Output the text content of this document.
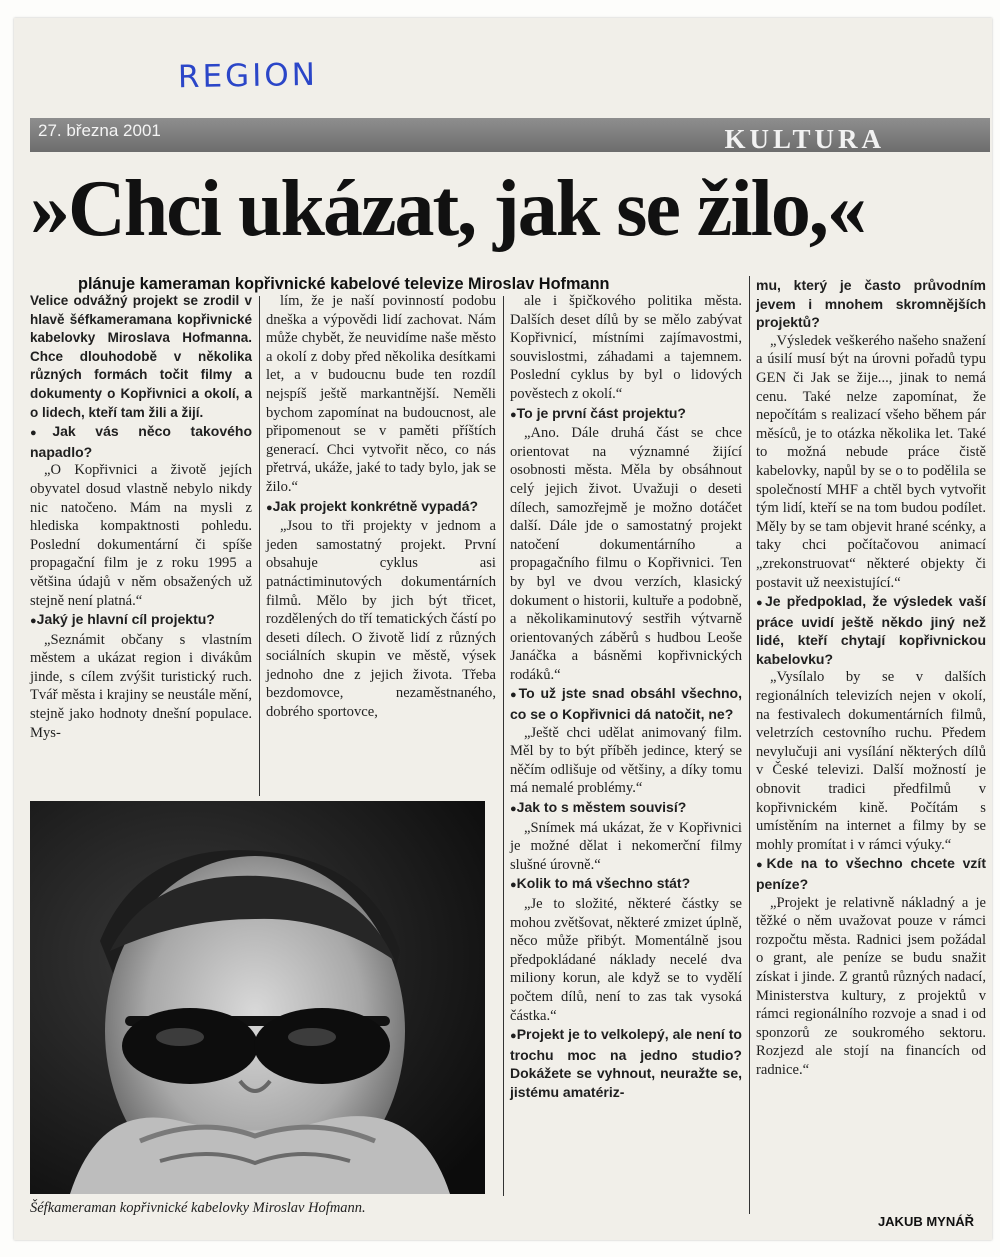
REGION
27. března 2001	KULTURA
»Chci ukázat, jak se žilo,«
plánuje kameraman kopřivnické kabelové televize Miroslav Hofmann

Velice odvážný projekt se zrodil v hlavě šéfkameramana kopřivnické kabelovky Miroslava Hofmanna. Chce dlouhodobě v několika různých formách točit filmy a dokumenty o Kopřivnici a okolí, a o lidech, kteří tam žili a žijí.

● Jak vás něco takového napadlo?

„O Kopřivnici a životě jejích obyvatel dosud vlastně nebylo nikdy nic natočeno. Mám na mysli z hlediska kompaktnosti pohledu. Poslední dokumentární či spíše propagační film je z roku 1995 a většina údajů v něm obsažených už stejně není platná.“

● Jaký je hlavní cíl projektu?

„Seznámit občany s vlastním městem a ukázat region i divákům jinde, s cílem zvýšit turistický ruch. Tvář města i krajiny se neustále mění, stejně jako hodnoty dnešní populace. Mys-

lím, že je naší povinností podobu dneška a výpovědi lidí zachovat. Nám může chybět, že neuvidíme naše město a okolí z doby před několika desítkami let, a v budoucnu bude ten rozdíl nejspíš ještě markantnější. Neměli bychom zapomínat na budoucnost, ale připomenout se v paměti příštích generací. Chci vytvořit něco, co nás přetrvá, ukáže, jaké to tady bylo, jak se žilo.“

● Jak projekt konkrétně vypadá?

„Jsou to tři projekty v jednom a jeden samostatný projekt. První obsahuje cyklus asi patnáctiminutových dokumentárních filmů. Mělo by jich být třicet, rozdělených do tří tematických částí po deseti dílech. O životě lidí z různých sociálních skupin ve městě, výsek jednoho dne z jejich života. Třeba bezdomovce, nezaměstnaného, dobrého sportovce,

ale i špičkového politika města. Dalších deset dílů by se mělo zabývat Kopřivnicí, místními zajímavostmi, souvislostmi, záhadami a tajemnem. Poslední cyklus by byl o lidových pověstech z okolí.“

● To je první část projektu?

„Ano. Dále druhá část se chce orientovat na významné žijící osobnosti města. Měla by obsáhnout celý jejich život. Uvažuji o deseti dílech, samozřejmě je možno dotáčet další. Dále jde o samostatný projekt natočení dokumentárního a propagačního filmu o Kopřivnici. Ten by byl ve dvou verzích, klasický dokument o historii, kultuře a podobně, a několikaminutový sestřih výtvarně orientovaných záběrů s hudbou Leoše Janáčka a básněmi kopřivnických rodáků.“

● To už jste snad obsáhl všechno, co se o Kopřivnici dá natočit, ne?

„Ještě chci udělat animovaný film. Měl by to být příběh jedince, který se něčím odlišuje od většiny, a díky tomu má nemalé problémy.“

● Jak to s městem souvisí?

„Snímek má ukázat, že v Kopřivnici je možné dělat i nekomerční filmy slušné úrovně.“

● Kolik to má všechno stát?

„Je to složité, některé částky se mohou zvětšovat, některé zmizet úplně, něco může přibýt. Momentálně jsou předpokládané náklady necelé dva miliony korun, ale když se to vydělí počtem dílů, není to zas tak vysoká částka.“

● Projekt je to velkolepý, ale není to trochu moc na jedno studio? Dokážete se vyhnout, neuražte se, jistému amatériz-

mu, který je často průvodním jevem i mnohem skromnějších projektů?

„Výsledek veškerého našeho snažení a úsilí musí být na úrovni pořadů typu GEN či Jak se žije..., jinak to nemá cenu. Také nelze zapomínat, že nepočítám s realizací všeho během pár měsíců, je to otázka několika let. Také to možná nebude práce čistě kabelovky, napůl by se o to podělila se společností MHF a chtěl bych vytvořit tým lidí, kteří se na tom budou podílet. Měly by se tam objevit hrané scénky, a taky chci počítačovou animací „zrekonstruovat“ některé objekty či postavit už neexistující.“

● Je předpoklad, že výsledek vaší práce uvidí ještě někdo jiný než lidé, kteří chytají kopřivnickou kabelovku?

„Vysílalo by se v dalších regionálních televizích nejen v okolí, na festivalech dokumentárních filmů, veletrzích cestovního ruchu. Předem nevylučuji ani vysílání některých dílů v České televizi. Další možností je obnovit tradici předfilmů v kopřivnickém kině. Počítám s umístěním na internet a filmy by se mohly promítat i v rámci výuky.“

● Kde na to všechno chcete vzít peníze?

„Projekt je relativně nákladný a je těžké o něm uvažovat pouze v rámci rozpočtu města. Radnici jsem požádal o grant, ale peníze se budu snažit získat i jinde. Z grantů různých nadací, Ministerstva kultury, z projektů v rámci regionálního rozvoje a snad i od sponzorů ze soukromého sektoru. Rozjezd ale stojí na financích od radnice.“

Šéfkameraman kopřivnické kabelovky Miroslav Hofmann.
JAKUB MYNÁŘ
